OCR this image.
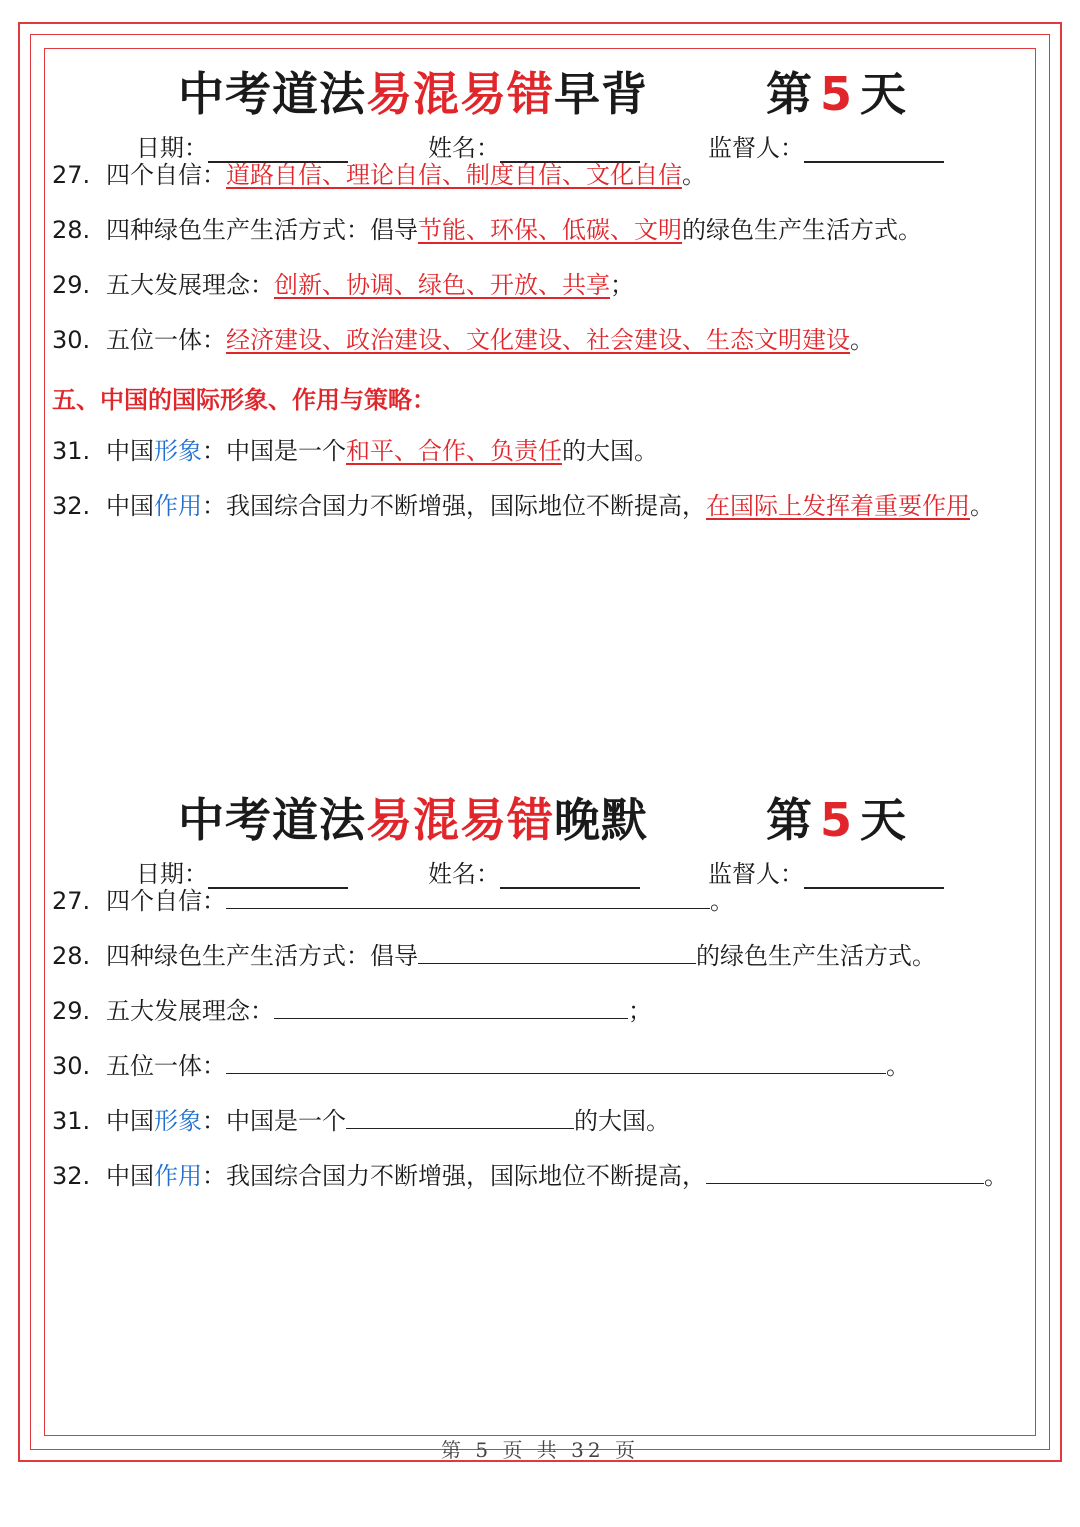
中考道法易混易错早背	第 5 天
日期：	姓名：	监督人：
27. 四个自信：道路自信、理论自信、制度自信、文化自信。
28. 四种绿色生产生活方式：倡导节能、环保、低碳、文明的绿色生产生活方式。
29. 五大发展理念：创新、协调、绿色、开放、共享；
30. 五位一体：经济建设、政治建设、文化建设、社会建设、生态文明建设。
五、中国的国际形象、作用与策略：
31. 中国形象：中国是一个和平、合作、负责任的大国。
32. 中国作用：我国综合国力不断增强，国际地位不断提高，在国际上发挥着重要作用。
中考道法易混易错晚默	第 5 天
日期：	姓名：	监督人：
27. 四个自信：	。
28. 四种绿色生产生活方式：倡导	的绿色生产生活方式。
29. 五大发展理念：	；
30. 五位一体：	。
31. 中国形象：中国是一个	的大国。
32. 中国作用：我国综合国力不断增强，国际地位不断提高，	。
第 5 页 共 32 页
